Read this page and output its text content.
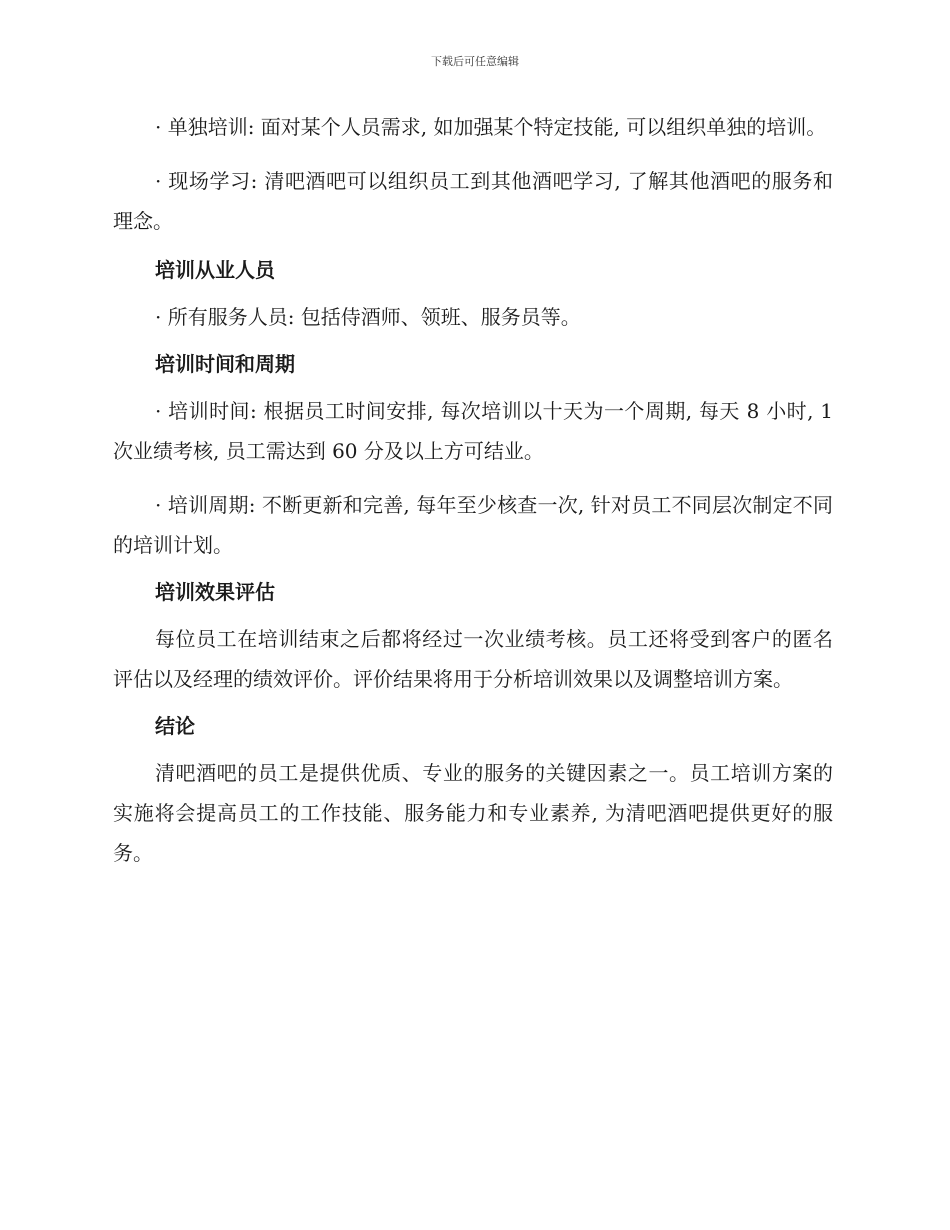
下载后可任意编辑

· 单独培训: 面对某个人员需求, 如加强某个特定技能, 可以组织单独的培训。

· 现场学习: 清吧酒吧可以组织员工到其他酒吧学习, 了解其他酒吧的服务和理念。

培训从业人员

· 所有服务人员: 包括侍酒师、领班、服务员等。

培训时间和周期

· 培训时间: 根据员工时间安排, 每次培训以十天为一个周期, 每天 8 小时, 1 次业绩考核, 员工需达到 60 分及以上方可结业。

· 培训周期: 不断更新和完善, 每年至少核查一次, 针对员工不同层次制定不同的培训计划。

培训效果评估

每位员工在培训结束之后都将经过一次业绩考核。员工还将受到客户的匿名评估以及经理的绩效评价。评价结果将用于分析培训效果以及调整培训方案。

结论

清吧酒吧的员工是提供优质、专业的服务的关键因素之一。员工培训方案的实施将会提高员工的工作技能、服务能力和专业素养, 为清吧酒吧提供更好的服务。
